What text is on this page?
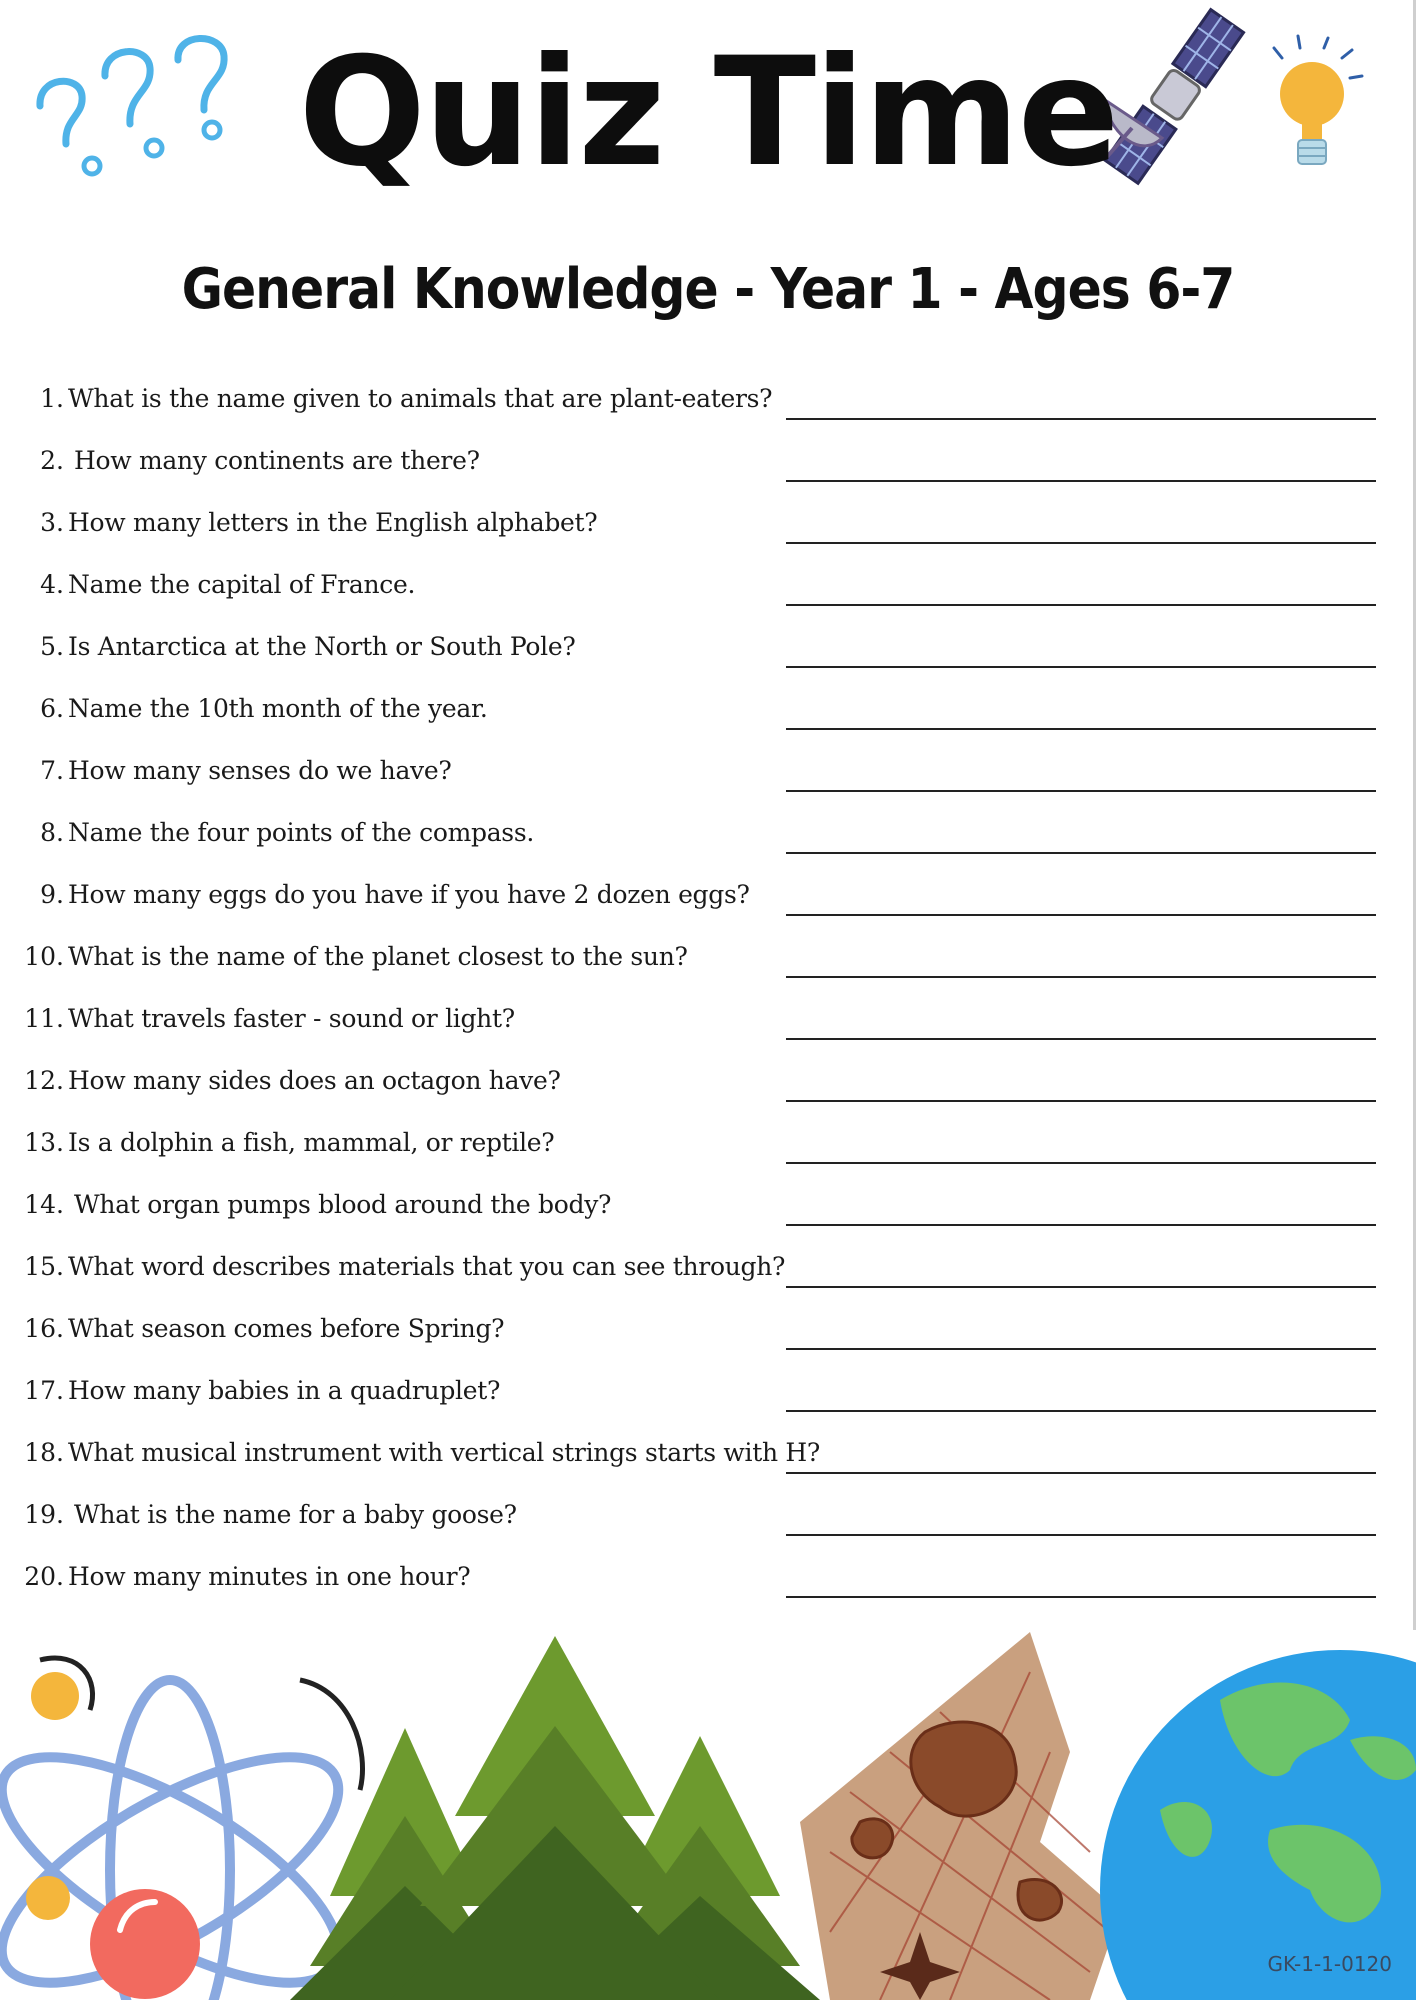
Quiz Time
General Knowledge - Year 1 - Ages 6-7
1. What is the name given to animals that are plant-eaters?
2. How many continents are there?
3. How many letters in the English alphabet?
4. Name the capital of France.
5. Is Antarctica at the North or South Pole?
6. Name the 10th month of the year.
7. How many senses do we have?
8. Name the four points of the compass.
9. How many eggs do you have if you have 2 dozen eggs?
10. What is the name of the planet closest to the sun?
11. What travels faster - sound or light?
12. How many sides does an octagon have?
13. Is a dolphin a fish, mammal, or reptile?
14. What organ pumps blood around the body?
15. What word describes materials that you can see through?
16. What season comes before Spring?
17. How many babies in a quadruplet?
18. What musical instrument with vertical strings starts with H?
19. What is the name for a baby goose?
20. How many minutes in one hour?
GK-1-1-0120
